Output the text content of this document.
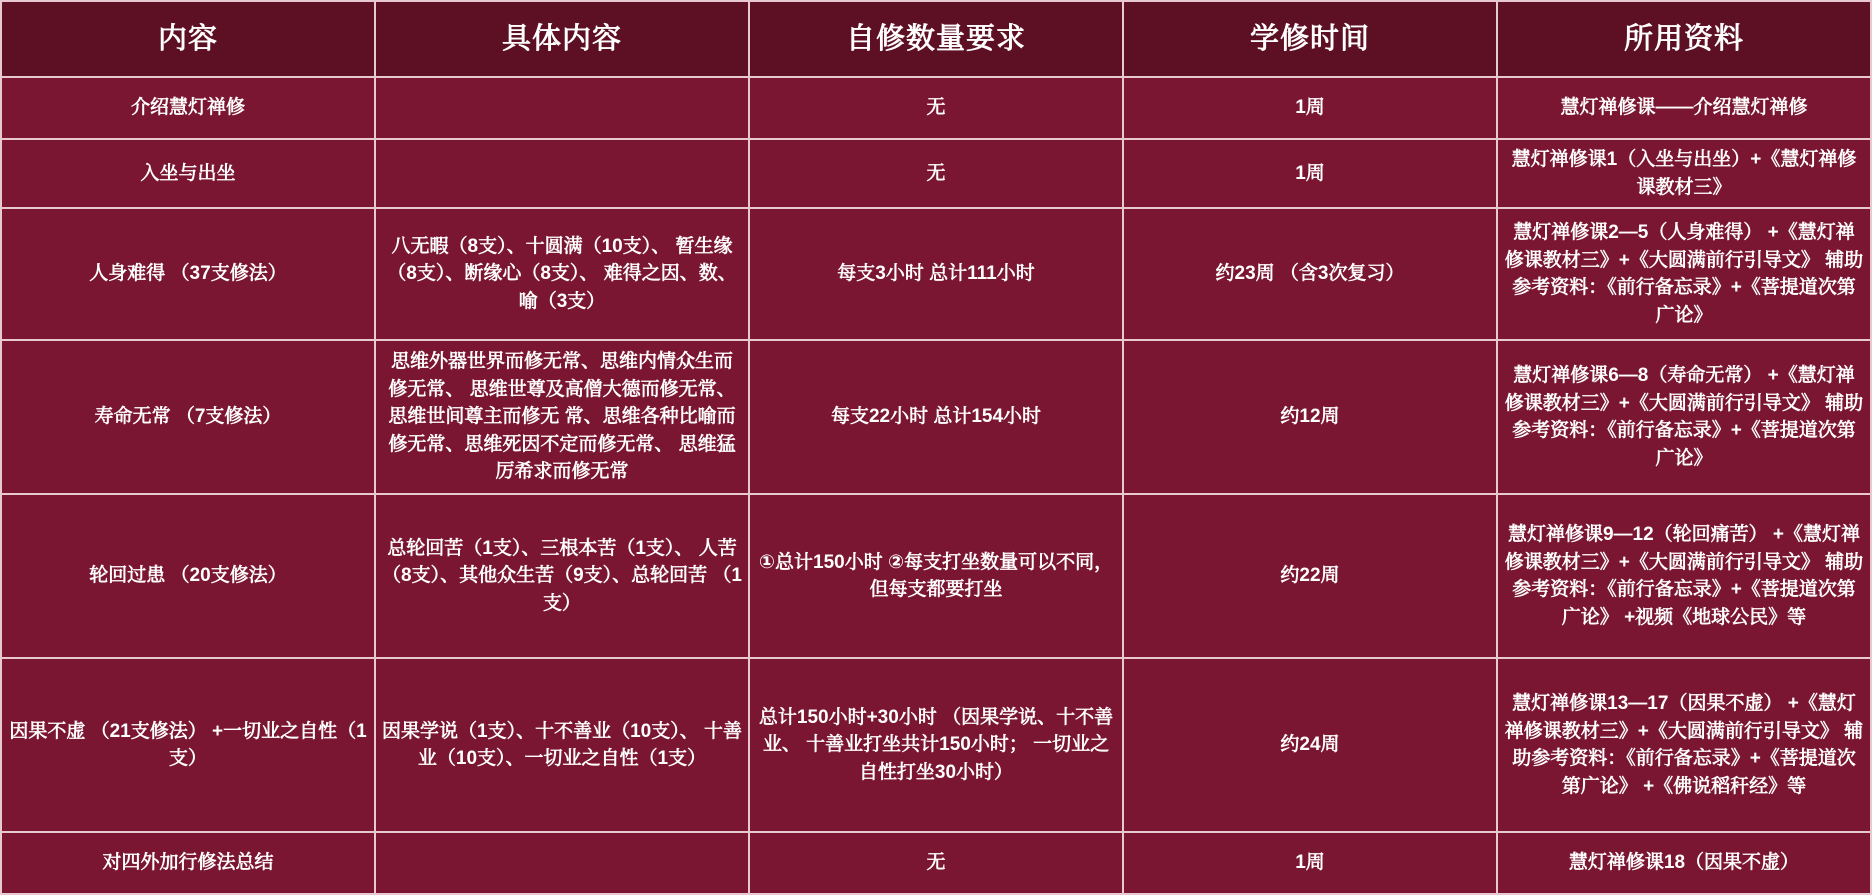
内容	具体内容	自修数量要求	学修时间	所用资料
介绍慧灯禅修		无	1周	慧灯禅修课——介绍慧灯禅修
入坐与出坐		无	1周	慧灯禅修课1（入坐与出坐）+《慧灯禅修课教材三》
人身难得 （37支修法）	八无暇（8支）、十圆满（10支）、 暂生缘（8支）、断缘心（8支）、 难得之因、数、喻（3支）	每支3小时 总计111小时	约23周 （含3次复习）	慧灯禅修课2—5（人身难得） +《慧灯禅修课教材三》+《大圆满前行引导文》 辅助参考资料：《前行备忘录》+《菩提道次第广论》
寿命无常 （7支修法）	思维外器世界而修无常、思维内情众生而修无常、 思维世尊及高僧大德而修无常、思维世间尊主而修无 常、思维各种比喻而修无常、思维死因不定而修无常、 思维猛厉希求而修无常	每支22小时 总计154小时	约12周	慧灯禅修课6—8（寿命无常） +《慧灯禅修课教材三》+《大圆满前行引导文》 辅助参考资料：《前行备忘录》+《菩提道次第广论》
轮回过患 （20支修法）	总轮回苦（1支）、三根本苦（1支）、 人苦（8支）、其他众生苦（9支）、总轮回苦 （1支）	①总计150小时 ②每支打坐数量可以不同， 但每支都要打坐	约22周	慧灯禅修课9—12（轮回痛苦） +《慧灯禅修课教材三》+《大圆满前行引导文》 辅助参考资料：《前行备忘录》+《菩提道次第广论》 +视频《地球公民》等
因果不虚 （21支修法） +一切业之自性（1支）	因果学说（1支）、十不善业（10支）、 十善业（10支）、一切业之自性（1支）	总计150小时+30小时 （因果学说、十不善业、 十善业打坐共计150小时； 一切业之自性打坐30小时）	约24周	慧灯禅修课13—17（因果不虚） +《慧灯禅修课教材三》+《大圆满前行引导文》 辅助参考资料：《前行备忘录》+《菩提道次第广论》 +《佛说稻秆经》等
对四外加行修法总结		无	1周	慧灯禅修课18（因果不虚）
